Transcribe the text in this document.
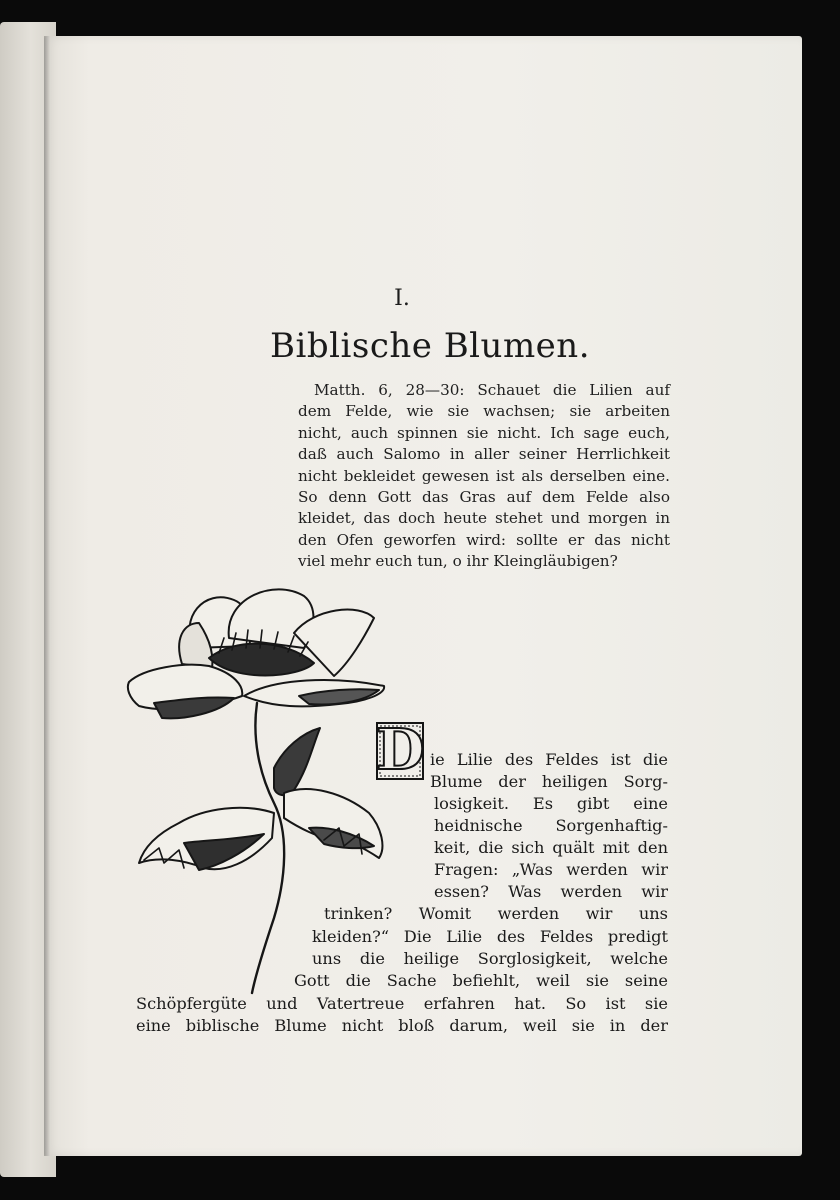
I.
Biblische Blumen.
Matth. 6, 28—30: Schauet die Lilien auf
dem Felde, wie sie wachsen; sie arbeiten
nicht, auch spinnen sie nicht. Ich sage euch,
daß auch Salomo in aller seiner Herrlichkeit
nicht bekleidet gewesen ist als derselben eine.
So denn Gott das Gras auf dem Felde also
kleidet, das doch heute stehet und morgen in
den Ofen geworfen wird: sollte er das nicht
viel mehr euch tun, o ihr Kleingläubigen?
D ie Lilie des Feldes ist die
Blume der heiligen Sorg-
losigkeit. Es gibt eine
heidnische Sorgenhaftig-
keit, die sich quält mit den
Fragen: „Was werden wir
essen? Was werden wir
trinken? Womit werden wir uns
kleiden?“ Die Lilie des Feldes predigt
uns die heilige Sorglosigkeit, welche
Gott die Sache befiehlt, weil sie seine
Schöpfergüte und Vatertreue erfahren hat. So ist sie
eine biblische Blume nicht bloß darum, weil sie in der
